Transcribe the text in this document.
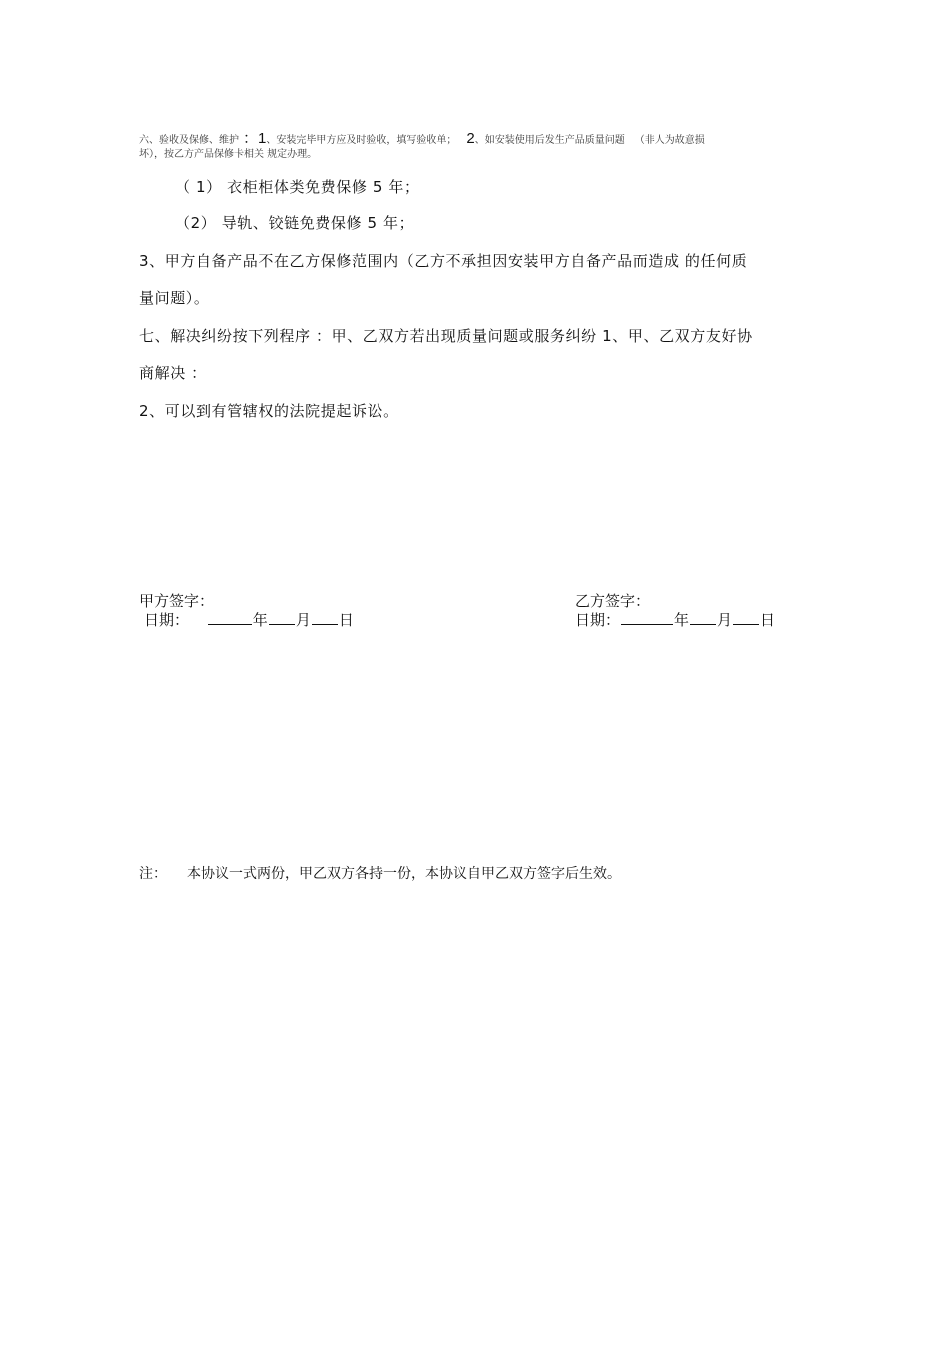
六、验收及保修、维护 ：1、安装完毕甲方应及时验收，填写验收单； 2、如安装使用后发生产品质量问题 （非人为故意损
坏），按乙方产品保修卡相关 规定办理。
（ 1） 衣柜柜体类免费保修 5 年；
（2） 导轨、铰链免费保修 5 年；
3、甲方自备产品不在乙方保修范围内（乙方不承担因安装甲方自备产品而造成 的任何质
量问题）。
七、解决纠纷按下列程序 ：甲、乙双方若出现质量问题或服务纠纷 1、甲、乙双方友好协
商解决 ：
2、可以到有管辖权的法院提起诉讼。
甲方签字：
日期：	年 月 日
乙方签字：
日期：	年 月 日
注： 本协议一式两份，甲乙双方各持一份，本协议自甲乙双方签字后生效。
